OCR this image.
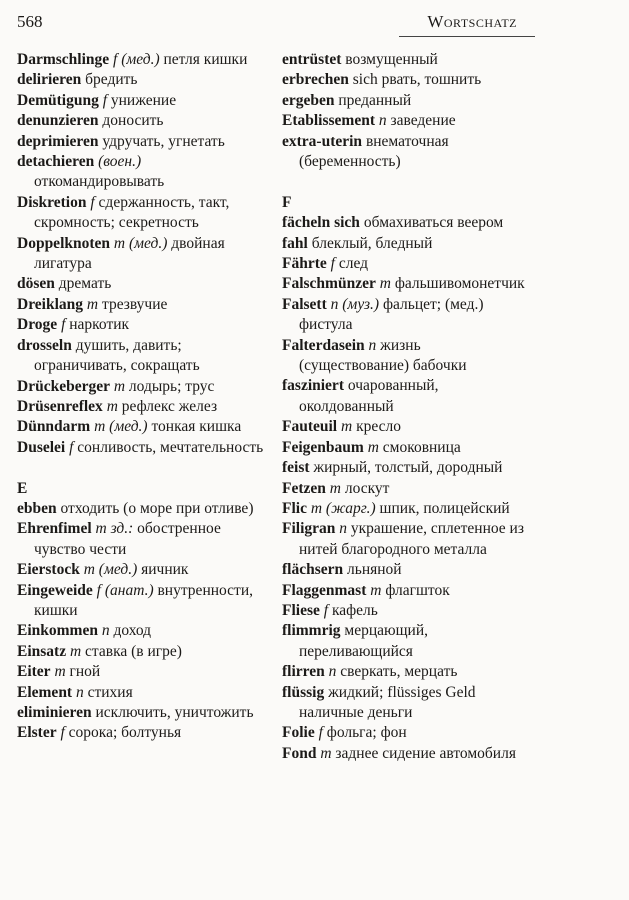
568	Wortschatz

Darmschlinge f (мед.) петля кишки

delirieren бредить

Demütigung f унижение

denunzieren доносить

deprimieren удручать, угнетать

detachieren (воен.) откомандировывать

Diskretion f сдержанность, такт, скромность; секретность

Doppelknoten m (мед.) двойная лигатура

dösen дремать

Dreiklang m трезвучие

Droge f наркотик

drosseln душить, давить; ограничивать, сокращать

Drückeberger m лодырь; трус

Drüsenreflex m рефлекс желез

Dünndarm m (мед.) тонкая кишка

Duselei f сонливость, мечтательность

E

ebben отходить (о море при отливе)

Ehrenfimel m зд.: обостренное чувство чести

Eierstock m (мед.) яичник

Eingeweide f (анат.) внутренности, кишки

Einkommen n доход

Einsatz m ставка (в игре)

Eiter m гной

Element n стихия

eliminieren исключить, уничтожить

Elster f сорока; болтунья

entrüstet возмущенный

erbrechen sich рвать, тошнить

ergeben преданный

Etablissement n заведение

extra-uterin внематочная (беременность)

F

fächeln sich обмахиваться веером

fahl блеклый, бледный

Fährte f след

Falschmünzer m фальшивомонетчик

Falsett n (муз.) фальцет; (мед.) фистула

Falterdasein n жизнь (существование) бабочки

fasziniert очарованный, околдованный

Fauteuil m кресло

Feigenbaum m смоковница

feist жирный, толстый, дородный

Fetzen m лоскут

Flic m (жарг.) шпик, полицейский

Filigran n украшение, сплетенное из нитей благородного металла

flächsern льняной

Flaggenmast m флагшток

Fliese f кафель

flimmrig мерцающий, переливающийся

flirren n сверкать, мерцать

flüssig жидкий; flüssiges Geld наличные деньги

Folie f фольга; фон

Fond m заднее сидение автомобиля
